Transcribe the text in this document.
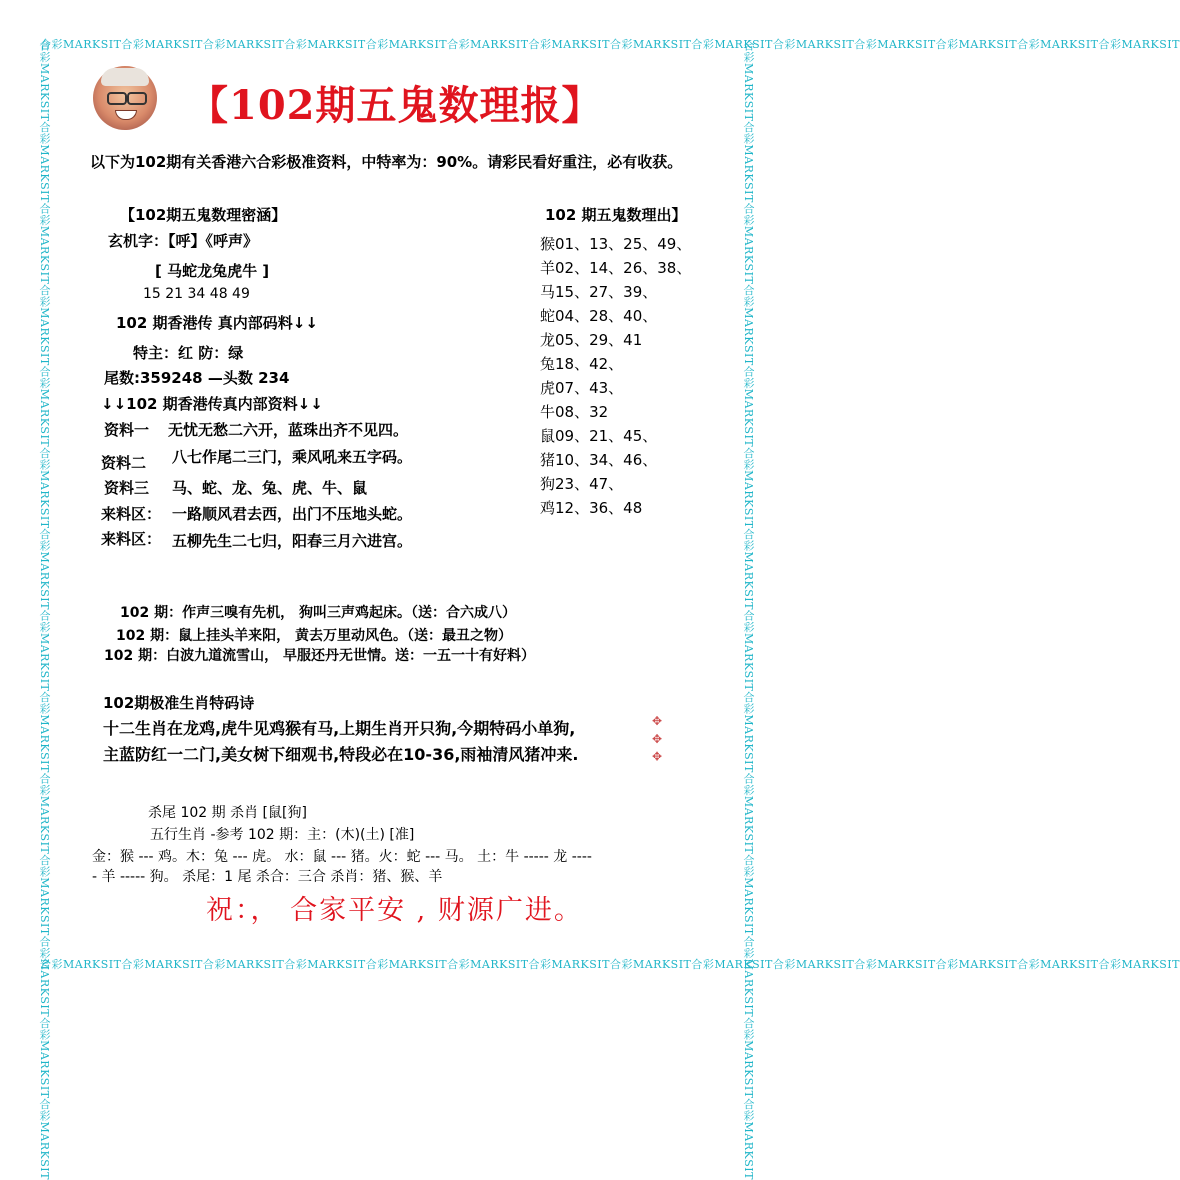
合彩MARKSIT合彩MARKSIT合彩MARKSIT合彩MARKSIT合彩MARKSIT合彩MARKSIT合彩MARKSIT合彩MARKSIT合彩MARKSIT合彩MARKSIT合彩MARKSIT合彩MARKSIT合彩MARKSIT合彩MARKSIT
合彩MARKSIT合彩MARKSIT合彩MARKSIT合彩MARKSIT合彩MARKSIT合彩MARKSIT合彩MARKSIT合彩MARKSIT合彩MARKSIT合彩MARKSIT合彩MARKSIT合彩MARKSIT合彩MARKSIT合彩MARKSIT
合彩MARKSIT合彩MARKSIT合彩MARKSIT合彩MARKSIT合彩MARKSIT合彩MARKSIT合彩MARKSIT合彩MARKSIT合彩MARKSIT合彩MARKSIT合彩MARKSIT合彩MARKSIT合彩MARKSIT合彩MARKSIT	合彩MARKSIT合彩MARKSIT合彩MARKSIT合彩MARKSIT合彩MARKSIT合彩MARKSIT合彩MARKSIT合彩MARKSIT合彩MARKSIT合彩MARKSIT合彩MARKSIT合彩MARKSIT合彩MARKSIT合彩MARKSIT
【102期五鬼数理报】
以下为102期有关香港六合彩极准资料，中特率为：90%。请彩民看好重注，必有收获。
【102期五鬼数理密涵】
玄机字：【呼】《呼声》
[ 马蛇龙兔虎牛 ]
15 21 34 48 49
102 期香港传 真内部码料↓↓
特主：红 防：绿
尾数:359248 —头数 234
↓↓102 期香港传真内部资料↓↓
资料一 无忧无愁二六开，蓝珠出齐不见四。
资料二 八七作尾二三门，乘风吼来五字码。
资料三 马、蛇、龙、兔、虎、牛、鼠
来料区： 一路顺风君去西，出门不压地头蛇。
来料区： 五柳先生二七归，阳春三月六进宫。
102 期五鬼数理出】
猴01、13、25、49、
羊02、14、26、38、
马15、27、39、
蛇04、28、40、
龙05、29、41
兔18、42、
虎07、43、
牛08、32
鼠09、21、45、
猪10、34、46、
狗23、47、
鸡12、36、48
102 期：作声三嗅有先机， 狗叫三声鸡起床。（送：合六成八）
102 期：鼠上挂头羊来阳， 黄去万里动风色。（送：最丑之物）
102 期：白波九道流雪山， 早服还丹无世情。送：一五一十有好料）
102期极准生肖特码诗
十二生肖在龙鸡,虎牛见鸡猴有马,上期生肖开只狗,今期特码小单狗,
主蓝防红一二门,美女树下细观书,特段必在10-36,雨袖清风猪冲来.	✥ ✥ ✥
杀尾 102 期 杀肖 [鼠[狗]
五行生肖 -参考 102 期：主：(木)(土) [准]
金：猴 --- 鸡。木：兔 --- 虎。 水：鼠 --- 猪。火：蛇 --- 马。 土：牛 ----- 龙 ----
- 羊 ----- 狗。 杀尾：1 尾 杀合：三合 杀肖：猪、猴、羊
祝：， 合家平安 , 财源广进。
